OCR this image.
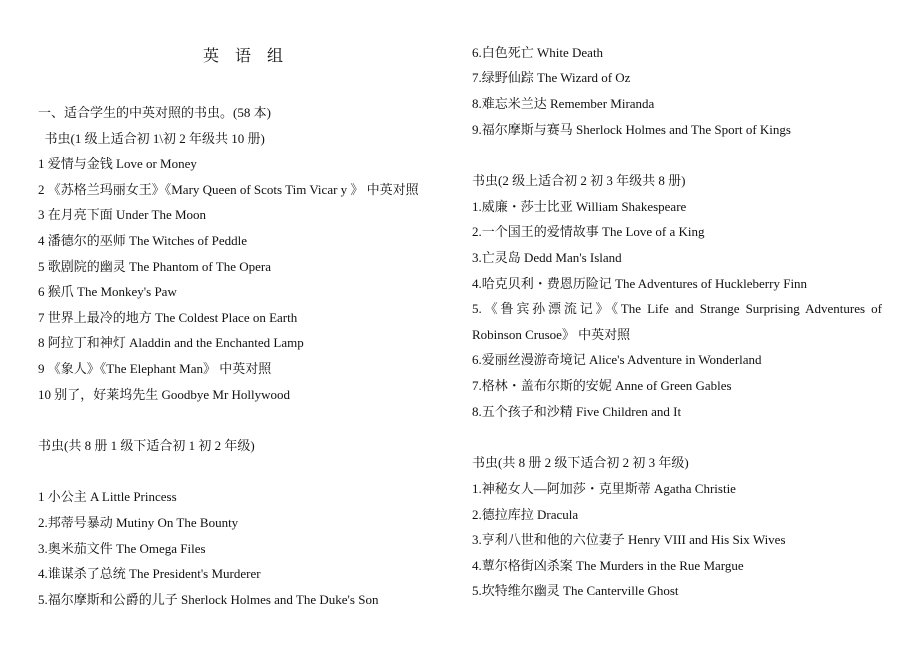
英 语 组
一、适合学生的中英对照的书虫。(58 本)
书虫(1 级上适合初 1\初 2 年级共 10 册)
1 爱情与金钱 Love or Money
2 《苏格兰玛丽女王》《Mary Queen of Scots Tim Vicar y 》 中英对照
3 在月亮下面 Under The Moon
4 潘德尔的巫师 The Witches of Peddle
5 歌剧院的幽灵 The Phantom of The Opera
6 猴爪 The Monkey's Paw
7 世界上最冷的地方 The Coldest Place on Earth
8 阿拉丁和神灯 Aladdin and the Enchanted Lamp
9 《象人》《The Elephant Man》 中英对照
10 别了，好莱坞先生 Goodbye Mr Hollywood
书虫(共 8 册 1 级下适合初 1 初 2 年级)
1 小公主 A Little Princess
2.邦蒂号暴动 Mutiny On The Bounty
3.奥米茄文件 The Omega Files
4.谁谋杀了总统 The President's Murderer
5.福尔摩斯和公爵的儿子 Sherlock Holmes and The Duke's Son
6.白色死亡 White Death
7.绿野仙踪 The Wizard of Oz
8.难忘米兰达 Remember Miranda
9.福尔摩斯与赛马 Sherlock Holmes and The Sport of Kings
书虫(2 级上适合初 2 初 3 年级共 8 册)
1.威廉・莎士比亚 William Shakespeare
2.一个国王的爱情故事 The Love of a King
3.亡灵岛 Dedd Man's Island
4.哈克贝利・费恩历险记 The Adventures of Huckleberry Finn
5.《鲁宾孙漂流记》《The Life and Strange Surprising Adventures of
Robinson Crusoe》 中英对照
6.爱丽丝漫游奇境记 Alice's Adventure in Wonderland
7.格林・盖布尔斯的安妮 Anne of Green Gables
8.五个孩子和沙精 Five Children and It
书虫(共 8 册 2 级下适合初 2 初 3 年级)
1.神秘女人—阿加莎・克里斯蒂 Agatha Christie
2.德拉库拉 Dracula
3.亨利八世和他的六位妻子 Henry VIII and His Six Wives
4.蕈尔格街凶杀案 The Murders in the Rue Margue
5.坎特维尔幽灵 The Canterville Ghost
